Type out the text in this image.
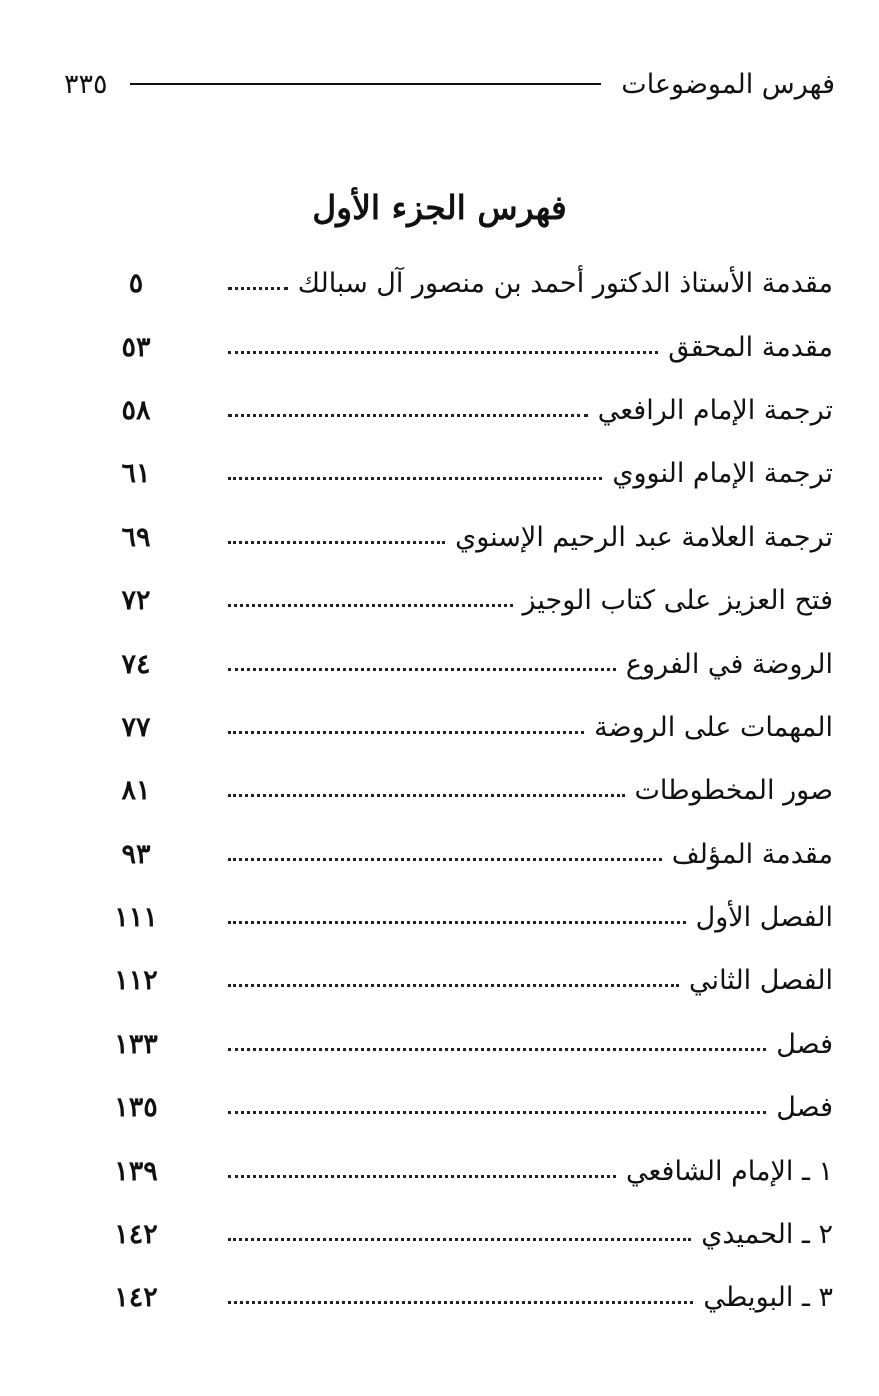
فهرس الموضوعات
٣٣٥
فهرس الجزء الأول
مقدمة الأستاذ الدكتور أحمد بن منصور آل سبالك
٥
مقدمة المحقق
٥٣
ترجمة الإمام الرافعي
٥٨
ترجمة الإمام النووي
٦١
ترجمة العلامة عبد الرحيم الإسنوي
٦٩
فتح العزيز على كتاب الوجيز
٧٢
الروضة في الفروع
٧٤
المهمات على الروضة
٧٧
صور المخطوطات
٨١
مقدمة المؤلف
٩٣
الفصل الأول
١١١
الفصل الثاني
١١٢
فصل
١٣٣
فصل
١٣٥
١ ـ الإمام الشافعي
١٣٩
٢ ـ الحميدي
١٤٢
٣ ـ البويطي
١٤٢
